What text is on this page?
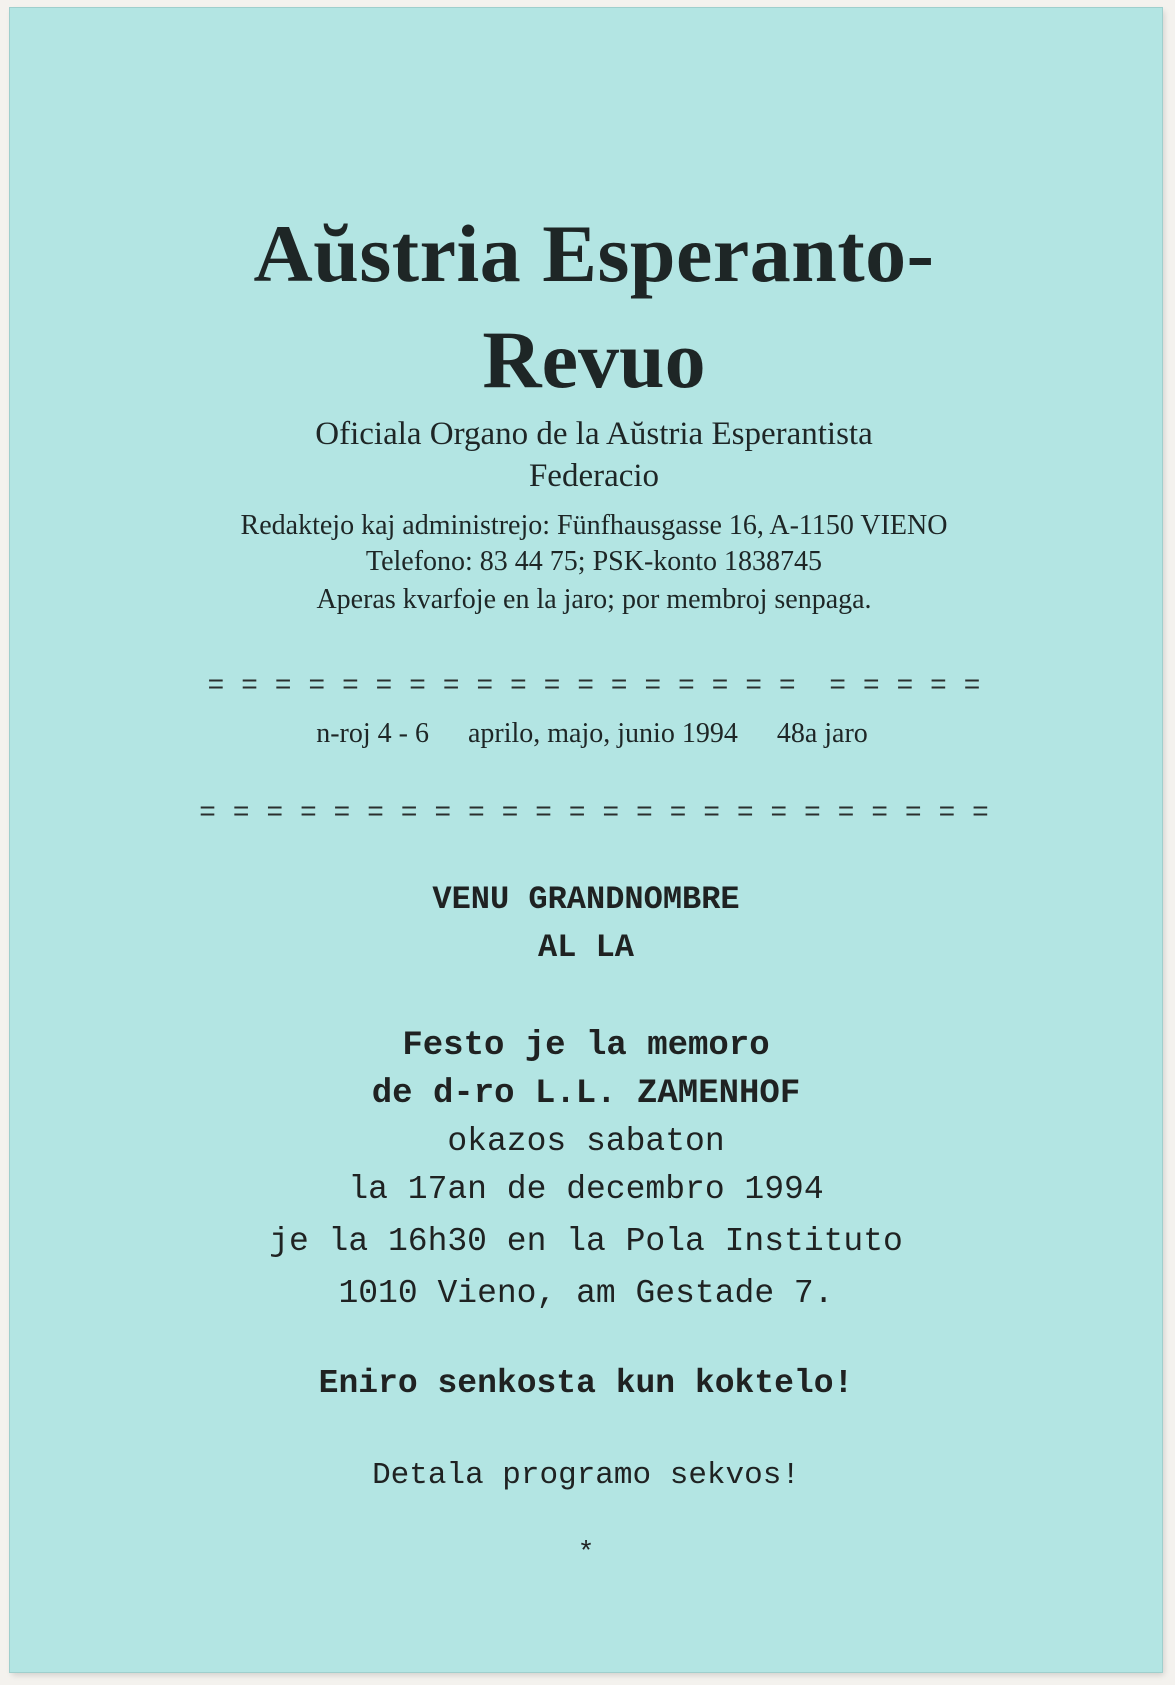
Aŭstria Esperanto-
Revuo

Oficiala Organo de la Aŭstria Esperantista

Federacio

Redaktejo kaj administrejo: Fünfhausgasse 16, A-1150 VIENO

Telefono: 83 44 75; PSK-konto 1838745

Aperas kvarfoje en la jaro; por membroj senpaga.

= = = = = = = = = = = = = = = = = =  = = = = =
n-roj 4 - 6 aprilo, majo, junio 1994 48a jaro
= = = = = = = = = = = = = = = = = = = = = = = =

VENU GRANDNOMBRE

AL LA

Festo je la memoro

de d-ro L.L. ZAMENHOF

okazos sabaton

la 17an de decembro 1994

je la 16h30 en la Pola Instituto

1010 Vieno, am Gestade 7.

Eniro senkosta kun koktelo!

Detala programo sekvos!

*
